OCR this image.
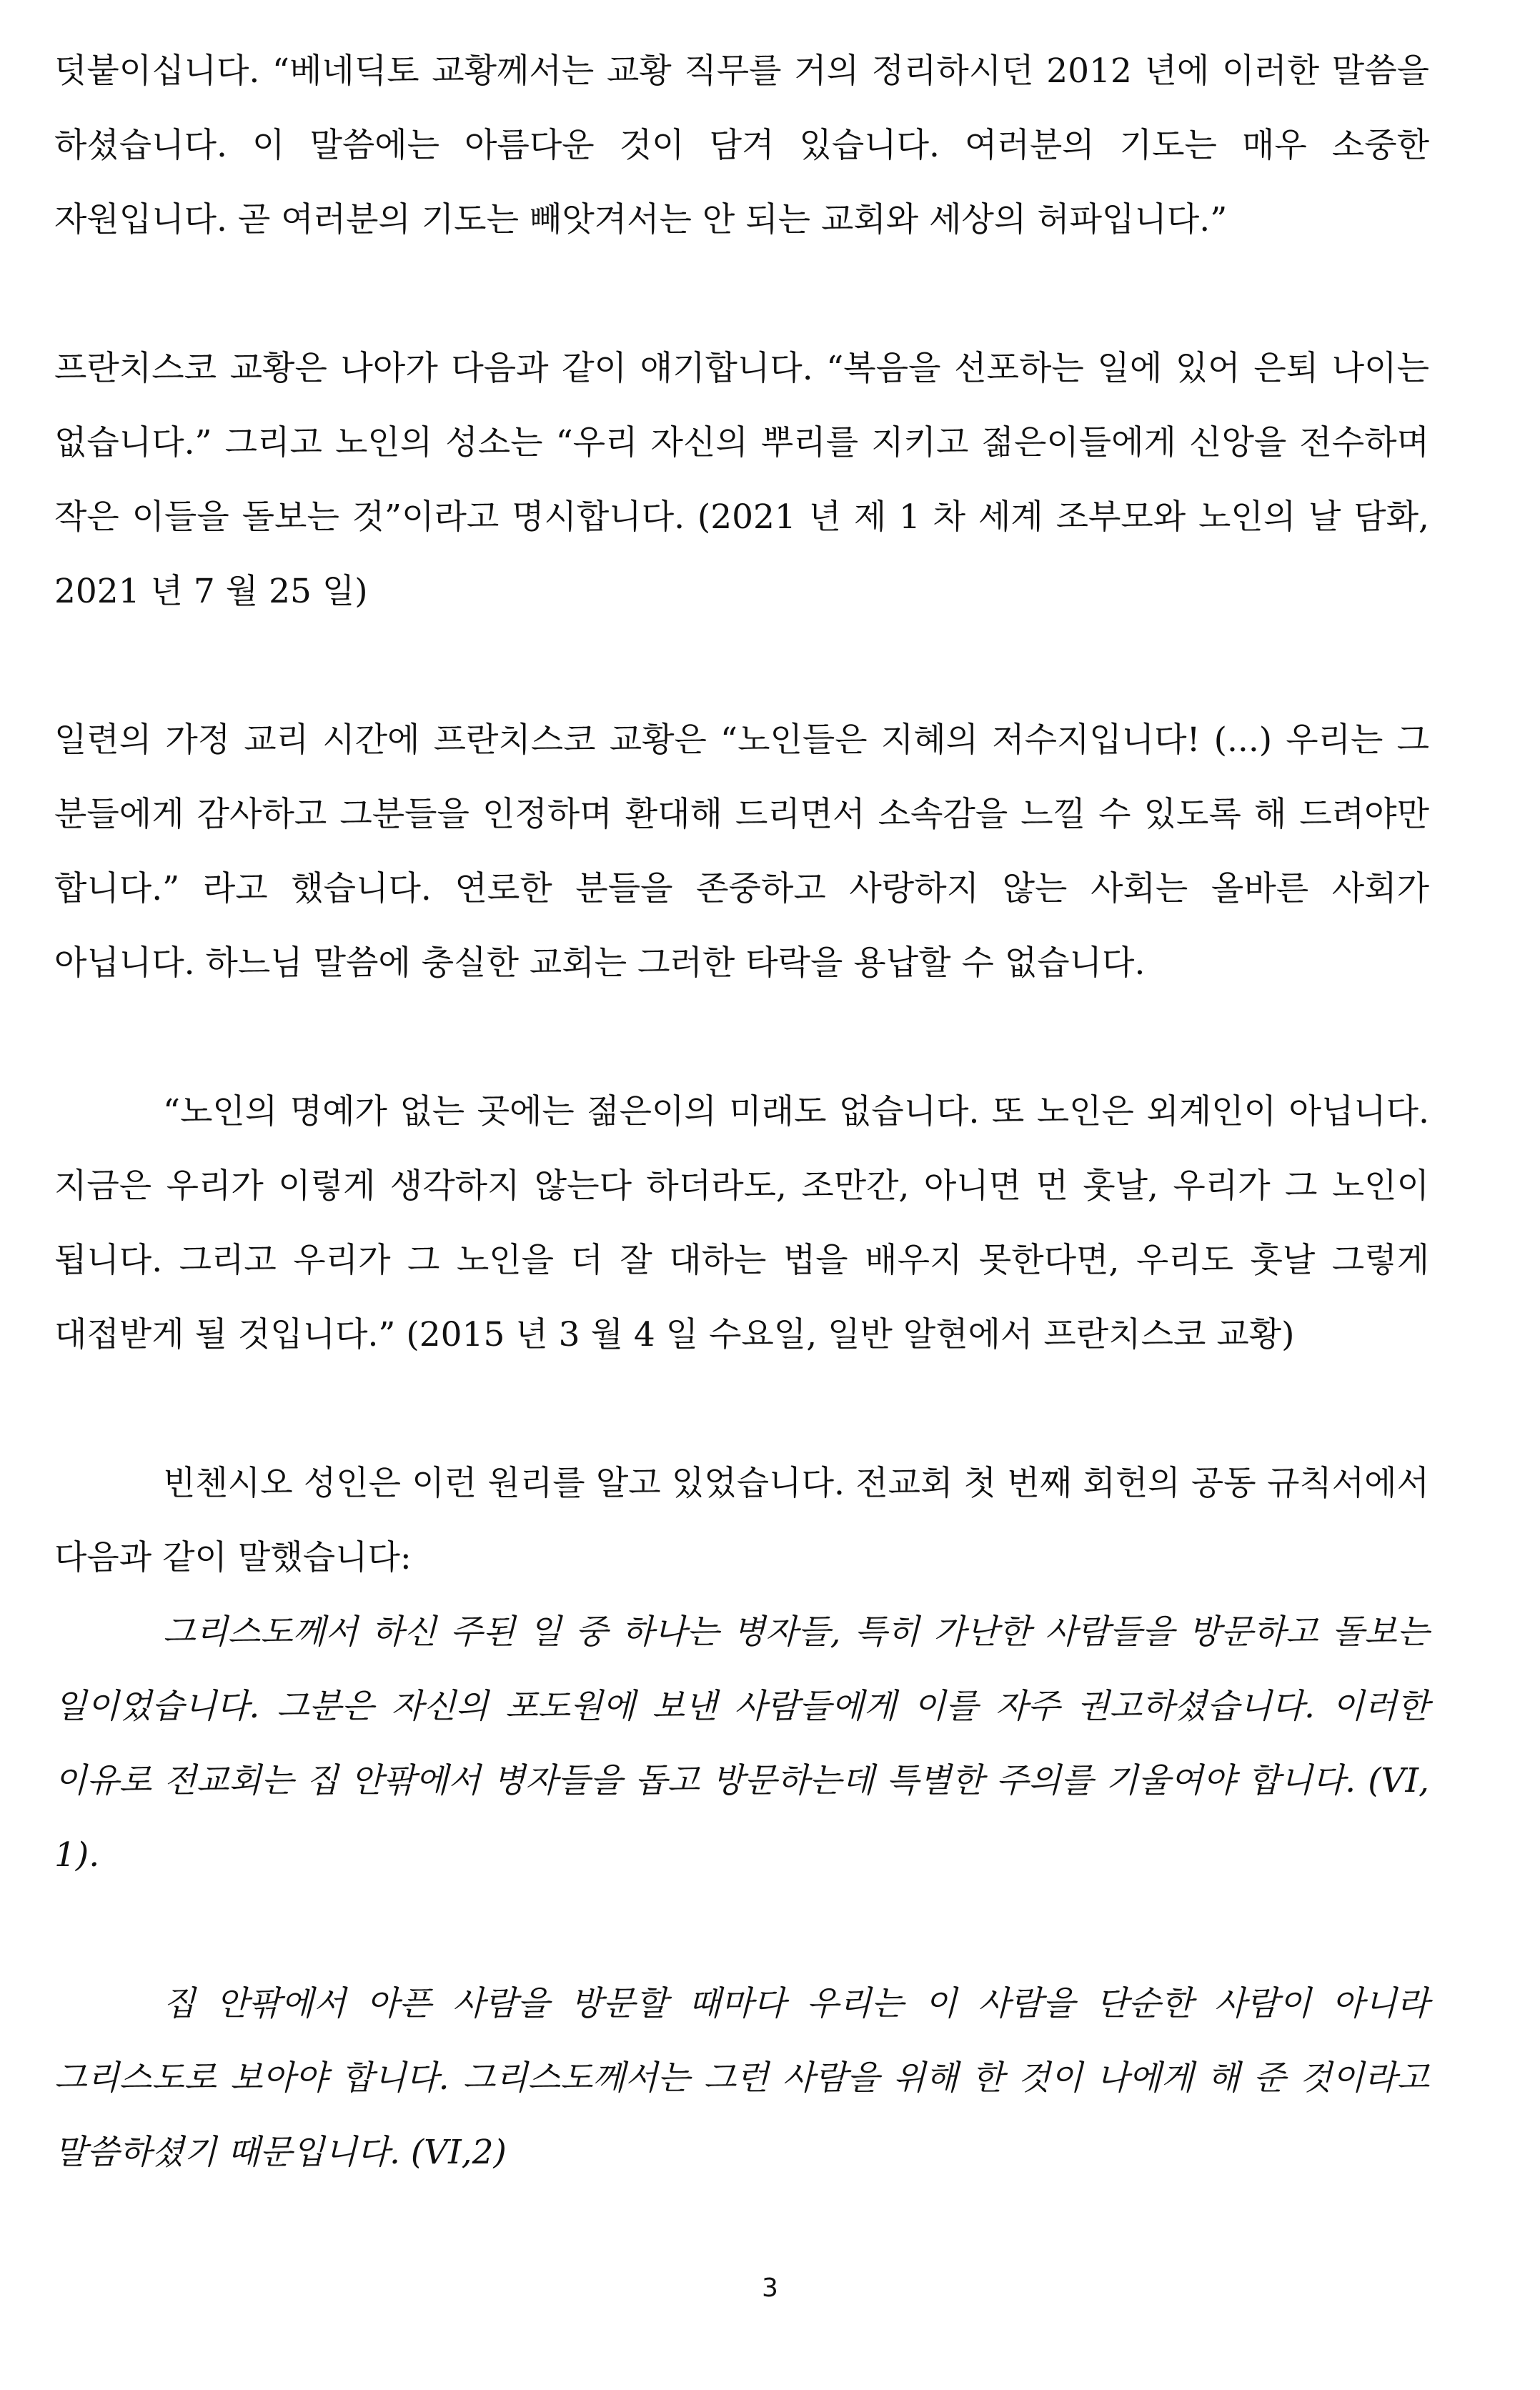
덧붙이십니다. “베네딕토 교황께서는 교황 직무를 거의 정리하시던 2012 년에 이러한 말씀을 하셨습니다. 이 말씀에는 아름다운 것이 담겨 있습니다. 여러분의 기도는 매우 소중한 자원입니다. 곧 여러분의 기도는 빼앗겨서는 안 되는 교회와 세상의 허파입니다.”

프란치스코 교황은 나아가 다음과 같이 얘기합니다. “복음을 선포하는 일에 있어 은퇴 나이는 없습니다.” 그리고 노인의 성소는 “우리 자신의 뿌리를 지키고 젊은이들에게 신앙을 전수하며 작은 이들을 돌보는 것”이라고 명시합니다. (2021 년 제 1 차 세계 조부모와 노인의 날 담화, 2021 년 7 월 25 일)

일련의 가정 교리 시간에 프란치스코 교황은 “노인들은 지혜의 저수지입니다! (...) 우리는 그 분들에게 감사하고 그분들을 인정하며 환대해 드리면서 소속감을 느낄 수 있도록 해 드려야만 합니다.” 라고 했습니다. 연로한 분들을 존중하고 사랑하지 않는 사회는 올바른 사회가 아닙니다. 하느님 말씀에 충실한 교회는 그러한 타락을 용납할 수 없습니다.

“노인의 명예가 없는 곳에는 젊은이의 미래도 없습니다. 또 노인은 외계인이 아닙니다. 지금은 우리가 이렇게 생각하지 않는다 하더라도, 조만간, 아니면 먼 훗날, 우리가 그 노인이 됩니다. 그리고 우리가 그 노인을 더 잘 대하는 법을 배우지 못한다면, 우리도 훗날 그렇게 대접받게 될 것입니다.” (2015 년 3 월 4 일 수요일, 일반 알현에서 프란치스코 교황)

빈첸시오 성인은 이런 원리를 알고 있었습니다. 전교회 첫 번째 회헌의 공동 규칙서에서 다음과 같이 말했습니다:

그리스도께서 하신 주된 일 중 하나는 병자들, 특히 가난한 사람들을 방문하고 돌보는 일이었습니다. 그분은 자신의 포도원에 보낸 사람들에게 이를 자주 권고하셨습니다. 이러한 이유로 전교회는 집 안팎에서 병자들을 돕고 방문하는데 특별한 주의를 기울여야 합니다. (VI, 1).

집 안팎에서 아픈 사람을 방문할 때마다 우리는 이 사람을 단순한 사람이 아니라 그리스도로 보아야 합니다. 그리스도께서는 그런 사람을 위해 한 것이 나에게 해 준 것이라고 말씀하셨기 때문입니다. (VI,2)

3
